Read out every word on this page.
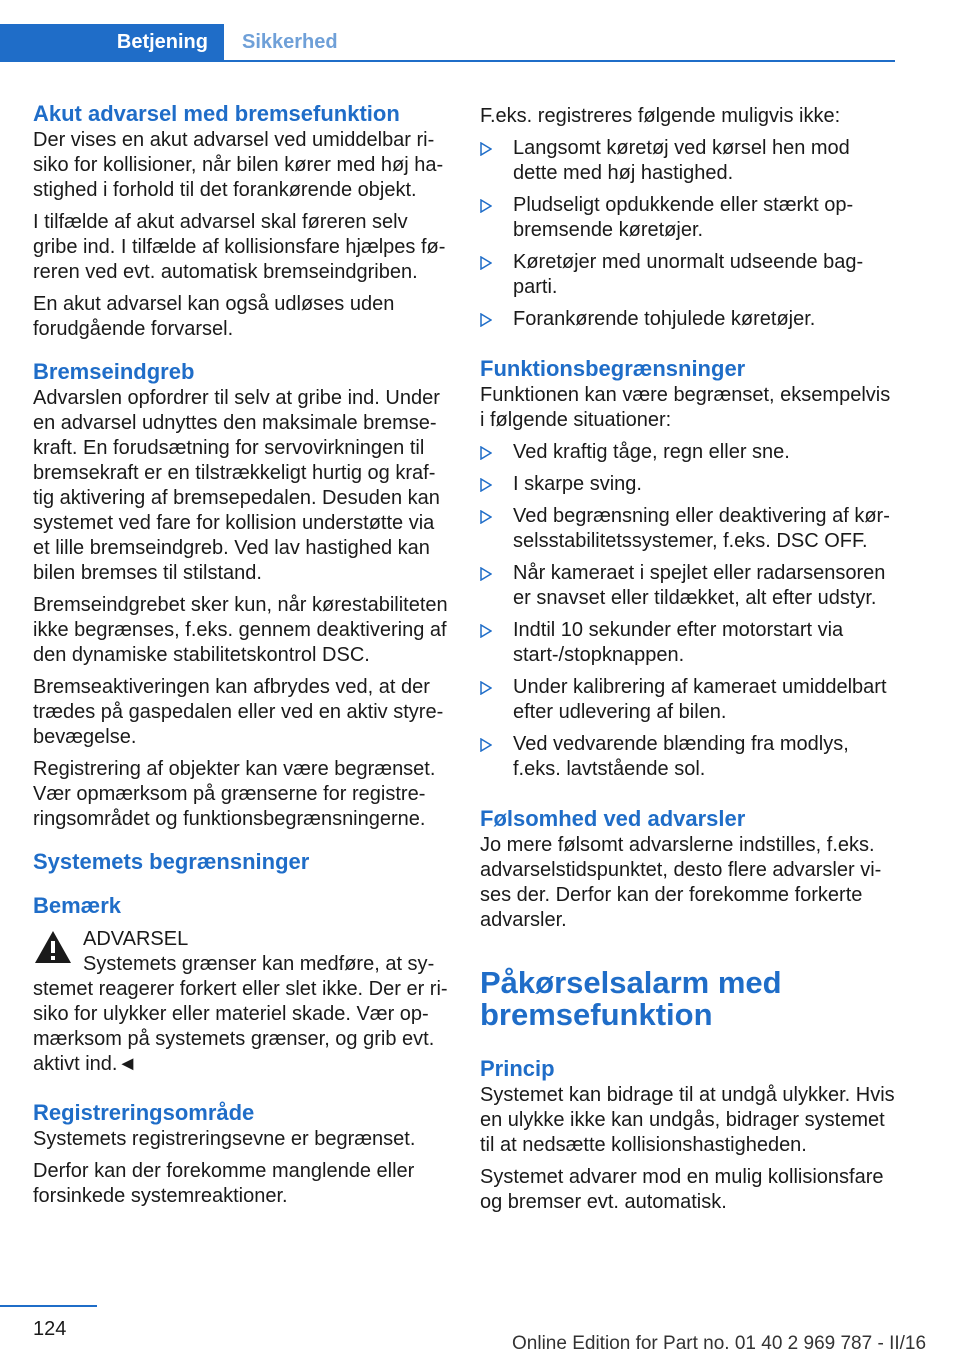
Betjening	Sikkerhed
Akut advarsel med bremsefunktion

Der vises en akut advarsel ved umiddelbar risiko for kollisioner, når bilen kører med høj hastighed i forhold til det forankørende objekt.

I tilfælde af akut advarsel skal føreren selv gribe ind. I tilfælde af kollisionsfare hjælpes føreren ved evt. automatisk bremseindgriben.

En akut advarsel kan også udløses uden forudgående forvarsel.

Bremseindgreb

Advarslen opfordrer til selv at gribe ind. Under en advarsel udnyttes den maksimale bremsekraft. En forudsætning for servovirkningen til bremsekraft er en tilstrækkeligt hurtig og kraftig aktivering af bremsepedalen. Desuden kan systemet ved fare for kollision understøtte via et lille bremseindgreb. Ved lav hastighed kan bilen bremses til stilstand.

Bremseindgrebet sker kun, når kørestabiliteten ikke begrænses, f.eks. gennem deaktivering af den dynamiske stabilitetskontrol DSC.

Bremseaktiveringen kan afbrydes ved, at der trædes på gaspedalen eller ved en aktiv styrebevægelse.

Registrering af objekter kan være begrænset. Vær opmærksom på grænserne for registreringsområdet og funktionsbegrænsningerne.

Systemets begrænsninger
Bemærk
ADVARSEL

Systemets grænser kan medføre, at systemet reagerer forkert eller slet ikke. Der er risiko for ulykker eller materiel skade. Vær opmærksom på systemets grænser, og grib evt. aktivt ind.◄

Registreringsområde

Systemets registreringsevne er begrænset.

Derfor kan der forekomme manglende eller forsinkede systemreaktioner.

F.eks. registreres følgende muligvis ikke:

Langsomt køretøj ved kørsel hen mod dette med høj hastighed.
Pludseligt opdukkende eller stærkt opbremsende køretøjer.
Køretøjer med unormalt udseende bagparti.
Forankørende tohjulede køretøjer.
Funktionsbegrænsninger

Funktionen kan være begrænset, eksempelvis i følgende situationer:

Ved kraftig tåge, regn eller sne.
I skarpe sving.
Ved begrænsning eller deaktivering af kørselsstabilitetssystemer, f.eks. DSC OFF.
Når kameraet i spejlet eller radarsensoren er snavset eller tildækket, alt efter udstyr.
Indtil 10 sekunder efter motorstart via start-/stopknappen.
Under kalibrering af kameraet umiddelbart efter udlevering af bilen.
Ved vedvarende blænding fra modlys, f.eks. lavtstående sol.
Følsomhed ved advarsler

Jo mere følsomt advarslerne indstilles, f.eks. advarselstidspunktet, desto flere advarsler vises der. Derfor kan der forekomme forkerte advarsler.

Påkørselsalarm med bremsefunktion
Princip

Systemet kan bidrage til at undgå ulykker. Hvis en ulykke ikke kan undgås, bidrager systemet til at nedsætte kollisionshastigheden.

Systemet advarer mod en mulig kollisionsfare og bremser evt. automatisk.

124
Online Edition for Part no. 01 40 2 969 787 - II/16
